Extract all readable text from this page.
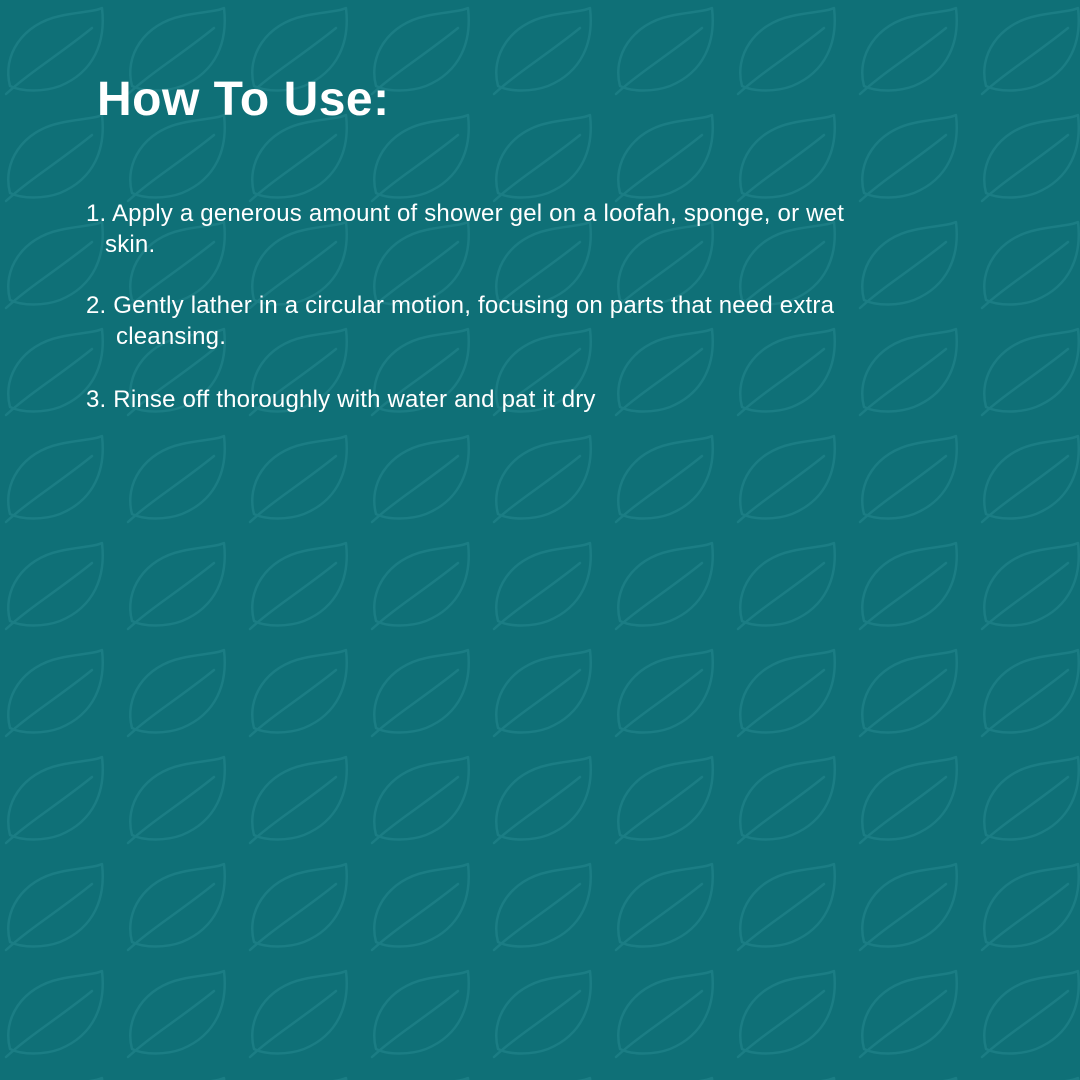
How To Use:
1. Apply a generous amount of shower gel on a loofah, sponge, or wet
skin.
2. Gently lather in a circular motion, focusing on parts that need extra
cleansing.
3. Rinse off thoroughly with water and pat it dry
